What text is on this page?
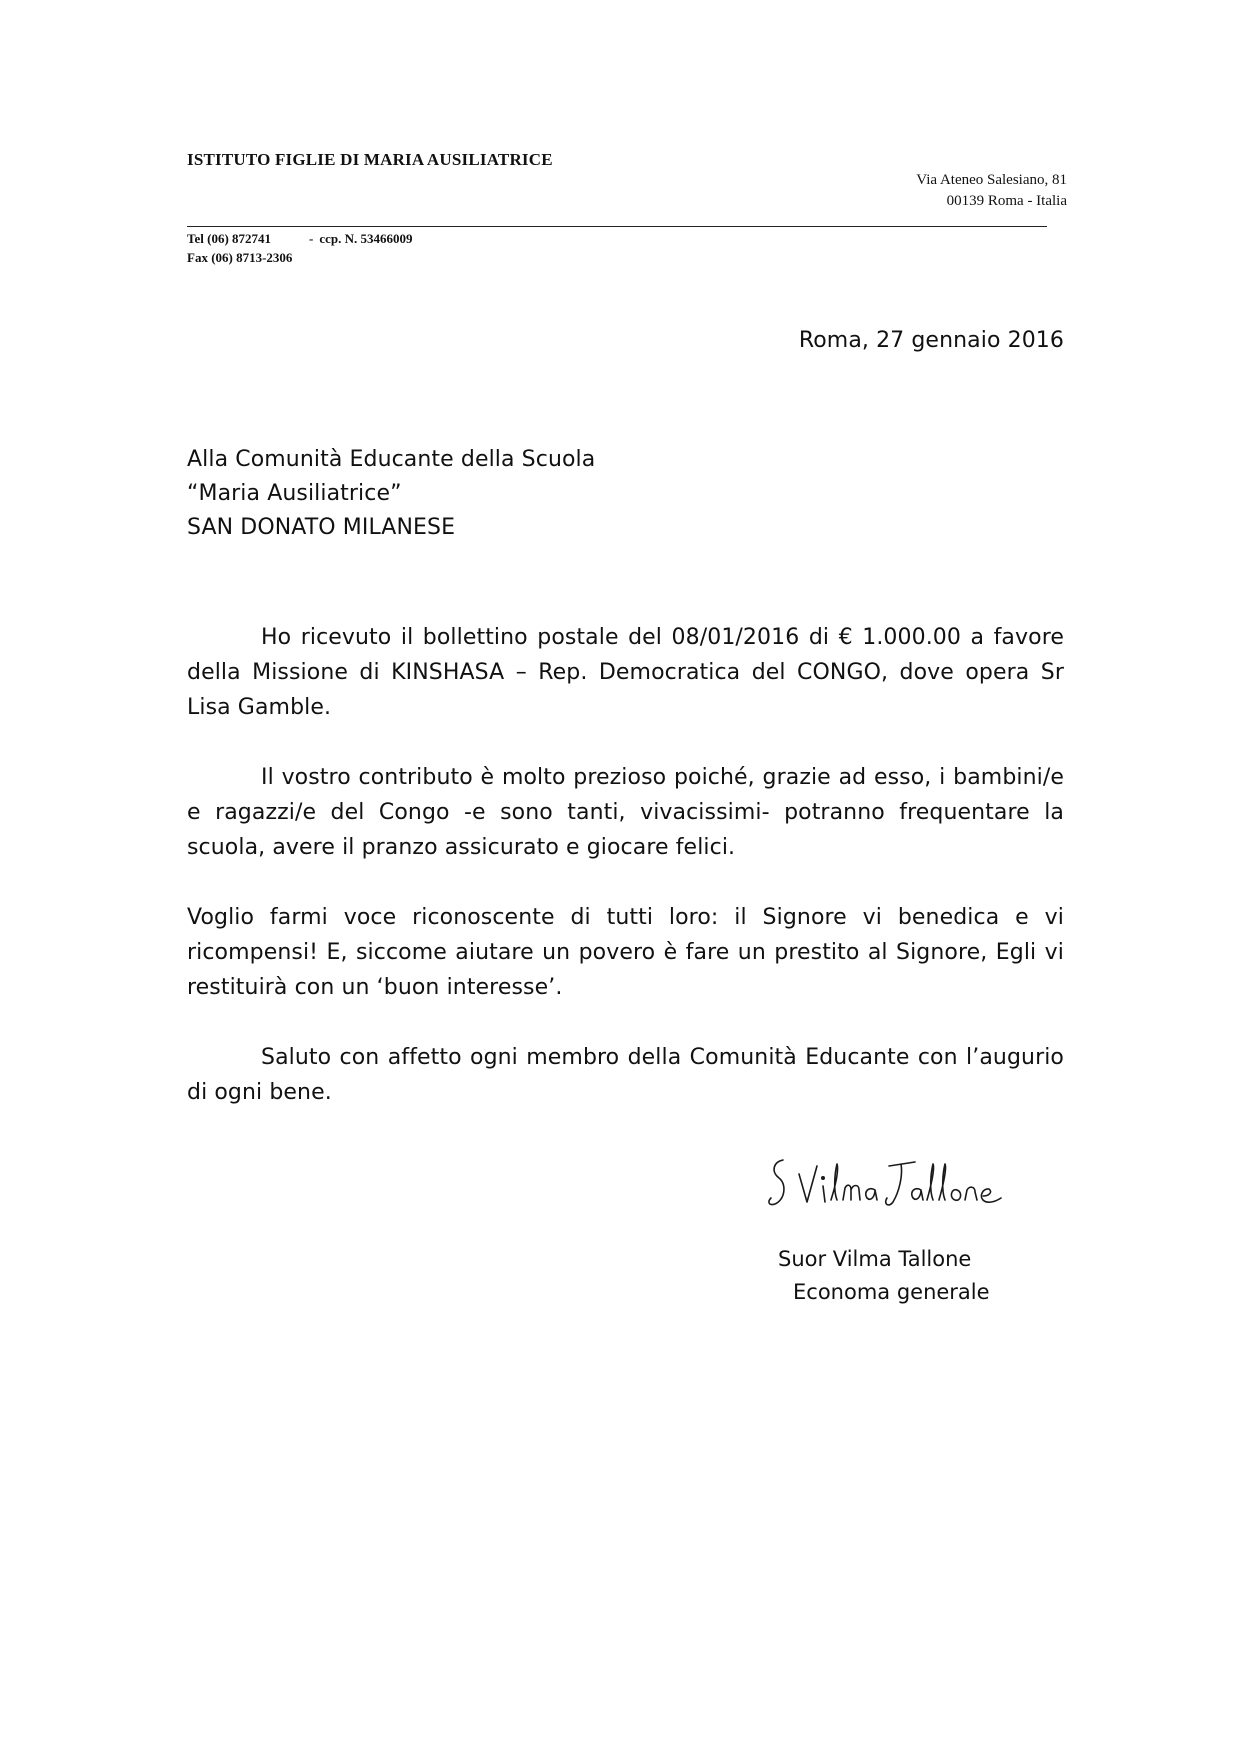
ISTITUTO FIGLIE DI MARIA AUSILIATRICE
Via Ateneo Salesiano, 81
00139 Roma - Italia
Tel (06) 872741	- ccp. N. 53466009
Fax (06) 8713-2306
Roma, 27 gennaio 2016
Alla Comunità Educante della Scuola
“Maria Ausiliatrice”
SAN DONATO MILANESE

Ho ricevuto il bollettino postale del 08/01/2016 di € 1.000.00 a favore della Missione di KINSHASA – Rep. Democratica del CONGO, dove opera Sr Lisa Gamble.

Il vostro contributo è molto prezioso poiché, grazie ad esso, i bambini/e e ragazzi/e del Congo -e sono tanti, vivacissimi- potranno frequentare la scuola, avere il pranzo assicurato e giocare felici.

Voglio farmi voce riconoscente di tutti loro: il Signore vi benedica e vi ricompensi! E, siccome aiutare un povero è fare un prestito al Signore, Egli vi restituirà con un ‘buon interesse’.

Saluto con affetto ogni membro della Comunità Educante con l’augurio di ogni bene.

Suor Vilma Tallone
Economa generale
